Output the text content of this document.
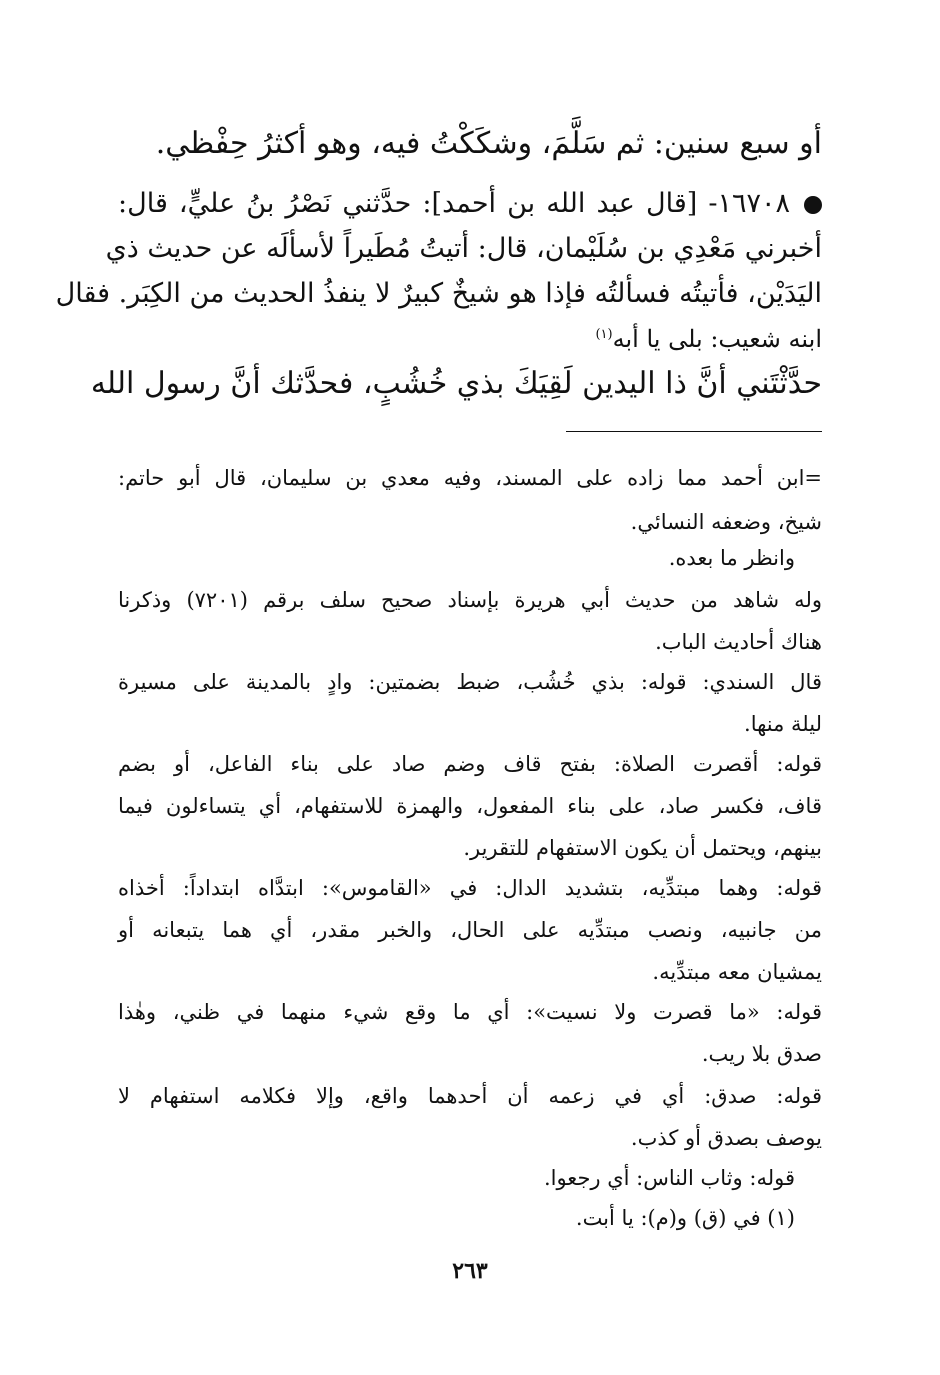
أو سبع سنين: ثم سَلَّمَ، وشكَكْتُ فيه، وهو أكثرُ حِفْظي.
١٦٧٠٨- [قال عبد الله بن أحمد]: حدَّثني نَصْرُ بنُ عليٍّ، قال:
أخبرني مَعْدِي بن سُلَيْمان، قال: أتيتُ مُطَيراً لأسألَه عن حديث ذي
اليَدَيْن، فأتيتُه فسألتُه فإذا هو شيخٌ كبيرٌ لا ينفذُ الحديث من الكِبَر. فقال
ابنه شعيب: بلى يا أبه$^{(١)}$
حدَّثْتَني أنَّ ذا اليدين لَقِيَكَ بذي خُشُبٍ، فحدَّثك أنَّ رسول الله
=ابن أحمد مما زاده على المسند، وفيه معدي بن سليمان، قال أبو حاتم:
شيخ، وضعفه النسائي.
وانظر ما بعده.
وله شاهد من حديث أبي هريرة بإسناد صحيح سلف برقم (٧٢٠١) وذكرنا
هناك أحاديث الباب.
قال السندي: قوله: بذي خُشُب، ضبط بضمتين: وادٍ بالمدينة على مسيرة
ليلة منها.
قوله: أقصرت الصلاة: بفتح قاف وضم صاد على بناء الفاعل، أو بضم
قاف، فكسر صاد، على بناء المفعول، والهمزة للاستفهام، أي يتساءلون فيما
بينهم، ويحتمل أن يكون الاستفهام للتقرير.
قوله: وهما مبتدِّيه، بتشديد الدال: في «القاموس»: ابتدَّاه ابتداداً: أخذاه
من جانبيه، ونصب مبتدِّيه على الحال، والخبر مقدر، أي هما يتبعانه أو
يمشيان معه مبتدِّيه.
قوله: «ما قصرت ولا نسيت»: أي ما وقع شيء منهما في ظني، وهٰذا
صدق بلا ريب.
قوله: صدق: أي في زعمه أن أحدهما واقع، وإلا فكلامه استفهام لا
يوصف بصدق أو كذب.
قوله: وثاب الناس: أي رجعوا.
(١) في (ق) و(م): يا أبت.
٢٦٣
